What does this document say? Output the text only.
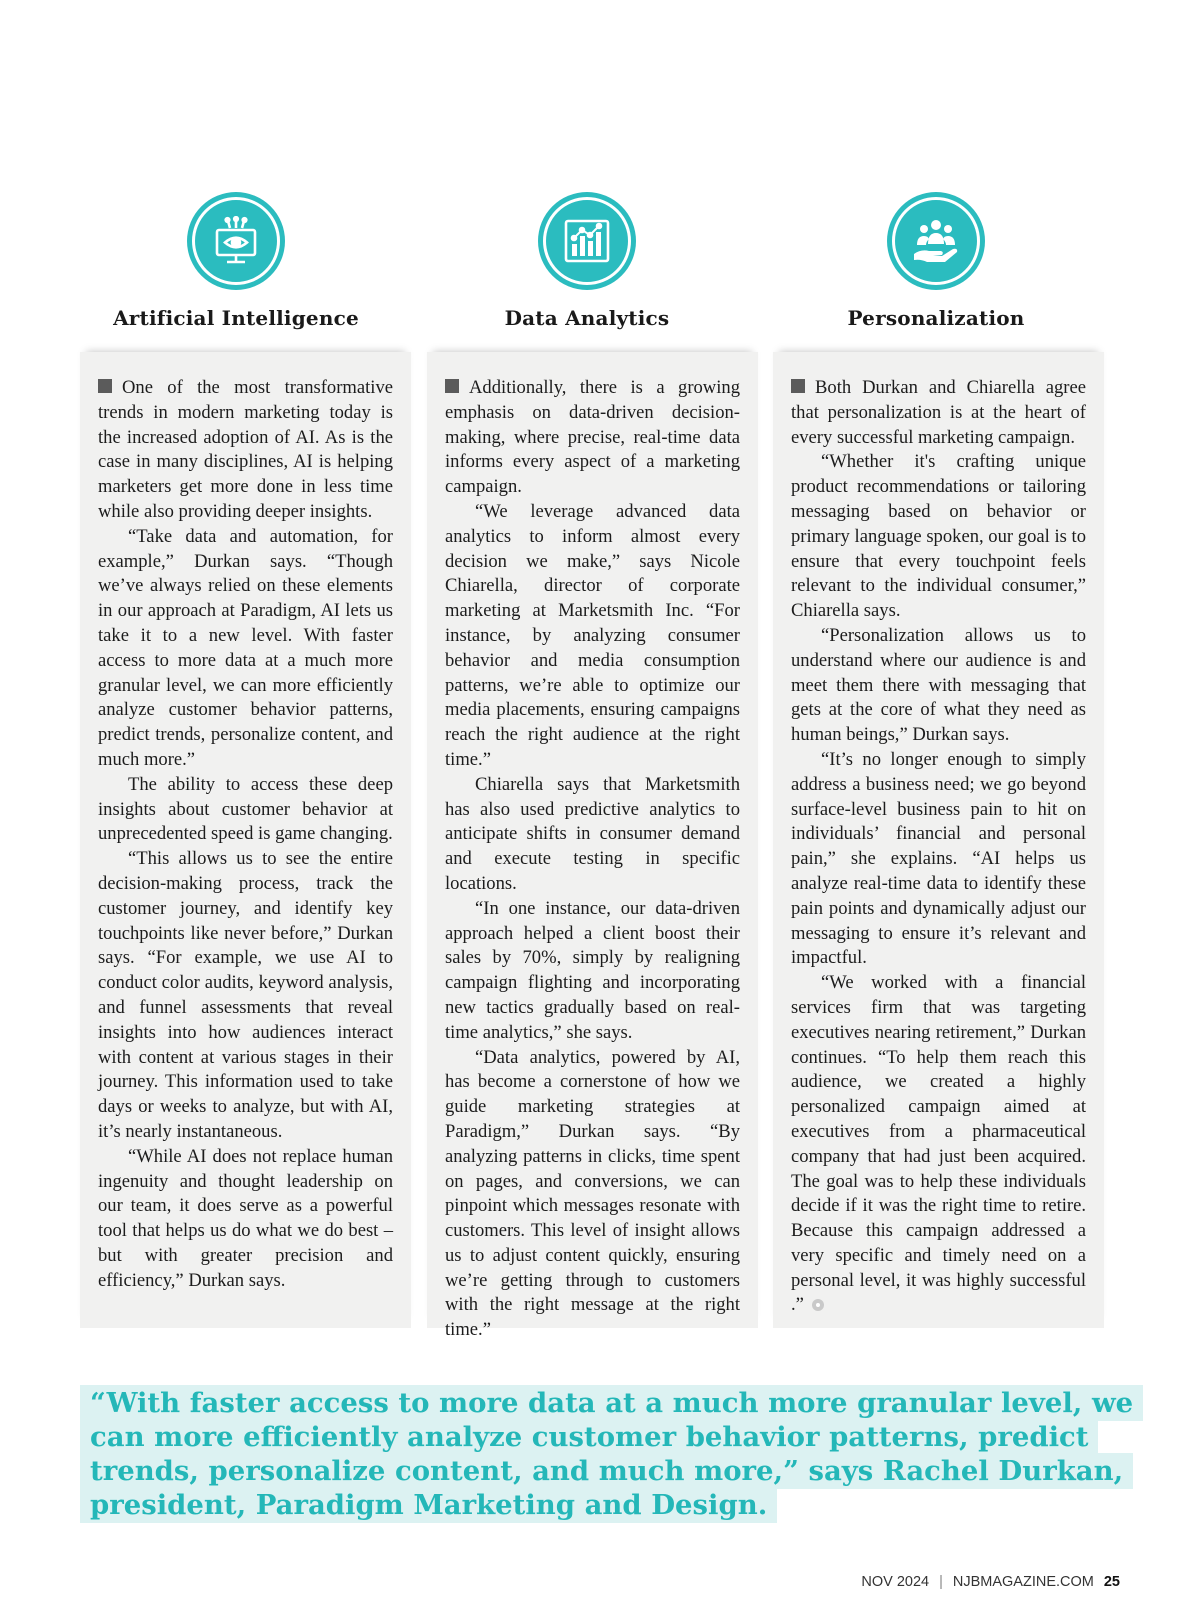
Artificial Intelligence	Data Analytics	Personalization

One of the most transformative trends in modern marketing today is the increased adoption of AI. As is the case in many disciplines, AI is helping marketers get more done in less time while also providing deeper insights.

“Take data and automation, for example,” Durkan says. “Though we’ve always relied on these elements in our approach at Paradigm, AI lets us take it to a new level. With faster access to more data at a much more granular level, we can more efficiently analyze customer behavior patterns, predict trends, personalize content, and much more.”

The ability to access these deep insights about customer behavior at unprecedented speed is game changing.

“This allows us to see the entire decision-making process, track the customer journey, and identify key touchpoints like never before,” Durkan says. “For example, we use AI to conduct color audits, keyword analysis, and funnel assessments that reveal insights into how audiences interact with content at various stages in their journey. This information used to take days or weeks to analyze, but with AI, it’s nearly instantaneous.

“While AI does not replace human ingenuity and thought leadership on our team, it does serve as a powerful tool that helps us do what we do best – but with greater precision and efficiency,” Durkan says.

Additionally, there is a growing emphasis on data-driven decision-making, where precise, real-time data informs every aspect of a marketing campaign.

“We leverage advanced data analytics to inform almost every decision we make,” says Nicole Chiarella, director of corporate marketing at Marketsmith Inc. “For instance, by analyzing consumer behavior and media consumption patterns, we’re able to optimize our media placements, ensuring campaigns reach the right audience at the right time.”

Chiarella says that Marketsmith has also used predictive analytics to anticipate shifts in consumer demand and execute testing in specific locations.

“In one instance, our data-driven approach helped a client boost their sales by 70%, simply by realigning campaign flighting and incorporating new tactics gradually based on real-time analytics,” she says.

“Data analytics, powered by AI, has become a cornerstone of how we guide marketing strategies at Paradigm,” Durkan says. “By analyzing patterns in clicks, time spent on pages, and conversions, we can pinpoint which messages resonate with customers. This level of insight allows us to adjust content quickly, ensuring we’re getting through to customers with the right message at the right time.”

Both Durkan and Chiarella agree that personalization is at the heart of every successful marketing campaign.

“Whether it's crafting unique product recommendations or tailoring messaging based on behavior or primary language spoken, our goal is to ensure that every touchpoint feels relevant to the individual consumer,” Chiarella says.

“Personalization allows us to understand where our audience is and meet them there with messaging that gets at the core of what they need as human beings,” Durkan says.

“It’s no longer enough to simply address a business need; we go beyond surface-level business pain to hit on individuals’ financial and personal pain,” she explains. “AI helps us analyze real-time data to identify these pain points and dynamically adjust our messaging to ensure it’s relevant and impactful.

“We worked with a financial services firm that was targeting executives nearing retirement,” Durkan continues. “To help them reach this audience, we created a highly personalized campaign aimed at executives from a pharmaceutical company that had just been acquired. The goal was to help these individuals decide if it was the right time to retire. Because this campaign addressed a very specific and timely need on a personal level, it was highly successful .”

“With faster access to more data at a much more granular level, we can more efficiently analyze customer behavior patterns, predict trends, personalize content, and much more,” says Rachel Durkan, president, Paradigm Marketing and Design.
NOV 2024 | NJBMAGAZINE.COM 25
